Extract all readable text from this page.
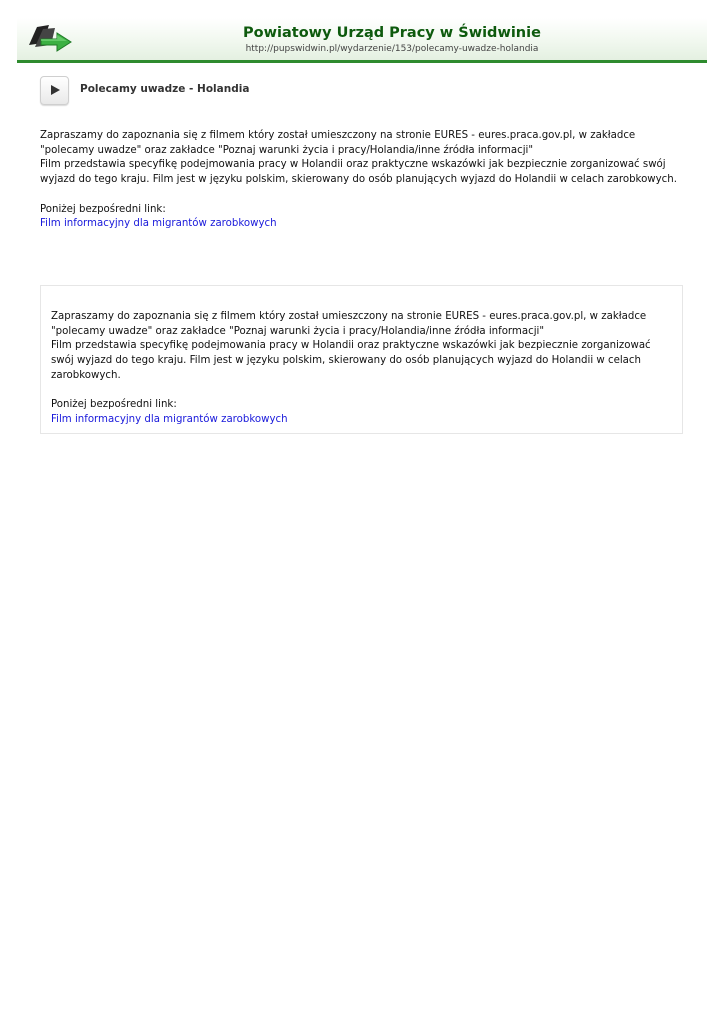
Powiatowy Urząd Pracy w Świdwinie
http://pupswidwin.pl/wydarzenie/153/polecamy-uwadze-holandia
Polecamy uwadze - Holandia

Zapraszamy do zapoznania się z filmem który został umieszczony na stronie EURES - eures.praca.gov.pl, w zakładce "polecamy uwadze" oraz zakładce "Poznaj warunki życia i pracy/Holandia/inne źródła informacji"

Film przedstawia specyfikę podejmowania pracy w Holandii oraz praktyczne wskazówki jak bezpiecznie zorganizować swój wyjazd do tego kraju. Film jest w języku polskim, skierowany do osób planujących wyjazd do Holandii w celach zarobkowych.

Poniżej bezpośredni link:

Film informacyjny dla migrantów zarobkowych

Zapraszamy do zapoznania się z filmem który został umieszczony na stronie EURES - eures.praca.gov.pl, w zakładce "polecamy uwadze" oraz zakładce "Poznaj warunki życia i pracy/Holandia/inne źródła informacji"

Film przedstawia specyfikę podejmowania pracy w Holandii oraz praktyczne wskazówki jak bezpiecznie zorganizować swój wyjazd do tego kraju. Film jest w języku polskim, skierowany do osób planujących wyjazd do Holandii w celach zarobkowych.

Poniżej bezpośredni link:

Film informacyjny dla migrantów zarobkowych
